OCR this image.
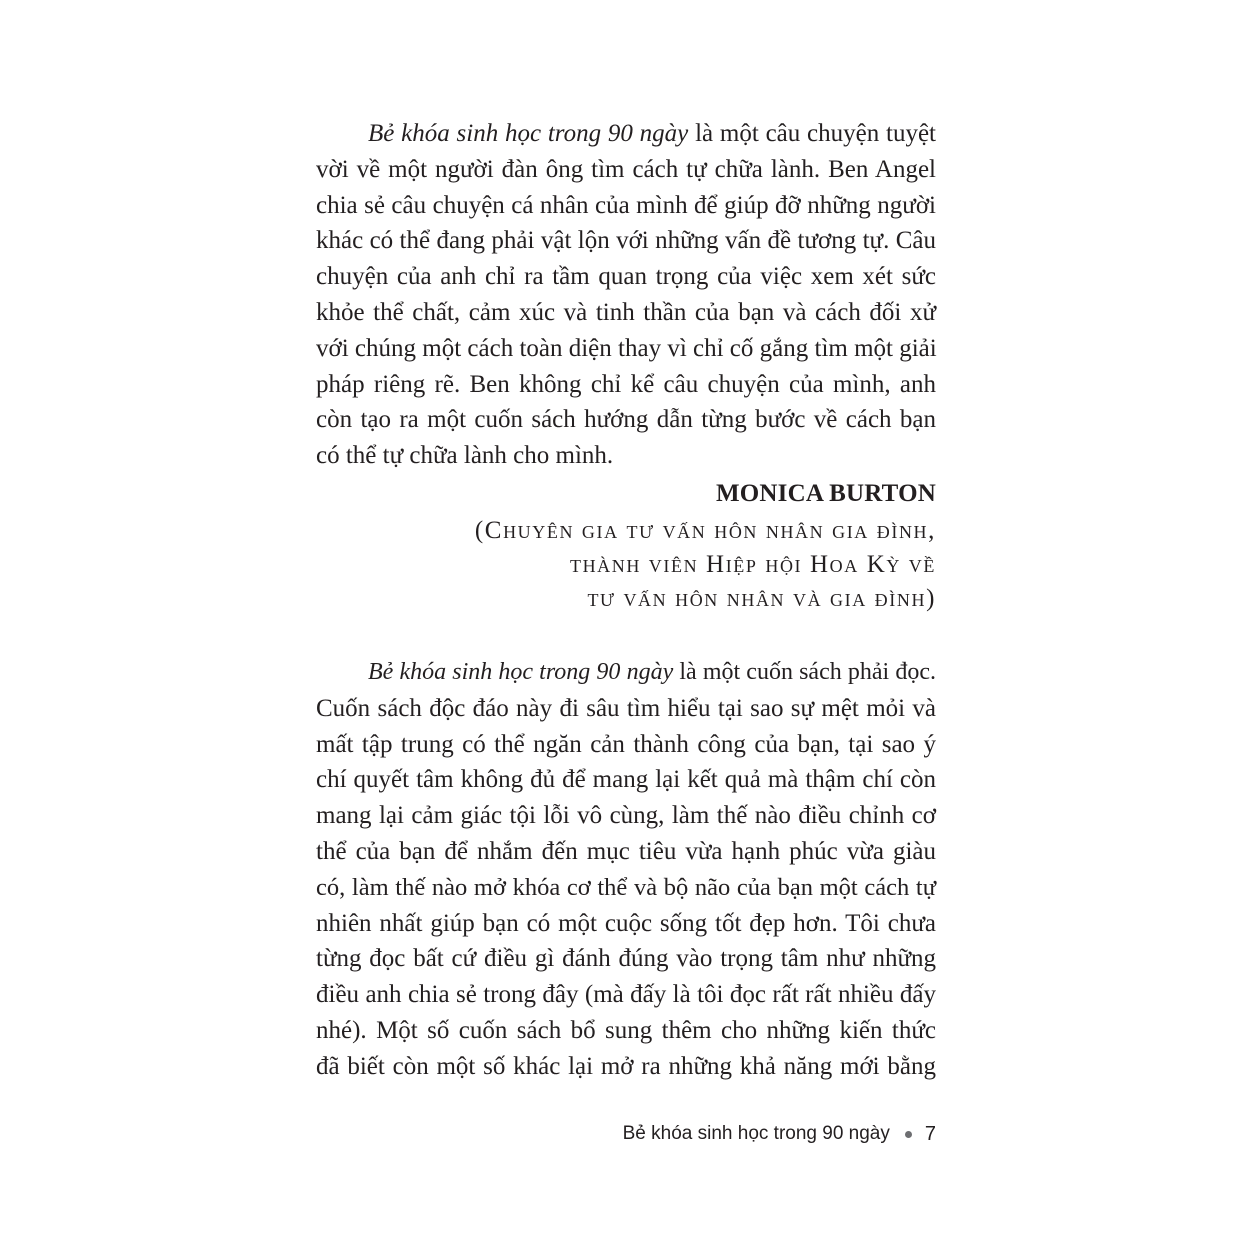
Bẻ khóa sinh học trong 90 ngày là một câu chuyện tuyệt
vời về một người đàn ông tìm cách tự chữa lành. Ben Angel
chia sẻ câu chuyện cá nhân của mình để giúp đỡ những người
khác có thể đang phải vật lộn với những vấn đề tương tự. Câu
chuyện của anh chỉ ra tầm quan trọng của việc xem xét sức
khỏe thể chất, cảm xúc và tinh thần của bạn và cách đối xử
với chúng một cách toàn diện thay vì chỉ cố gắng tìm một giải
pháp riêng rẽ. Ben không chỉ kể câu chuyện của mình, anh
còn tạo ra một cuốn sách hướng dẫn từng bước về cách bạn
có thể tự chữa lành cho mình.
MONICA BURTON
(Chuyên gia tư vấn hôn nhân gia đình,
thành viên Hiệp hội Hoa Kỳ về
tư vấn hôn nhân và gia đình)
Bẻ khóa sinh học trong 90 ngày là một cuốn sách phải đọc.
Cuốn sách độc đáo này đi sâu tìm hiểu tại sao sự mệt mỏi và
mất tập trung có thể ngăn cản thành công của bạn, tại sao ý
chí quyết tâm không đủ để mang lại kết quả mà thậm chí còn
mang lại cảm giác tội lỗi vô cùng, làm thế nào điều chỉnh cơ
thể của bạn để nhắm đến mục tiêu vừa hạnh phúc vừa giàu
có, làm thế nào mở khóa cơ thể và bộ não của bạn một cách tự
nhiên nhất giúp bạn có một cuộc sống tốt đẹp hơn. Tôi chưa
từng đọc bất cứ điều gì đánh đúng vào trọng tâm như những
điều anh chia sẻ trong đây (mà đấy là tôi đọc rất rất nhiều đấy
nhé). Một số cuốn sách bổ sung thêm cho những kiến thức
đã biết còn một số khác lại mở ra những khả năng mới bằng
Bẻ khóa sinh học trong 90 ngày 7
